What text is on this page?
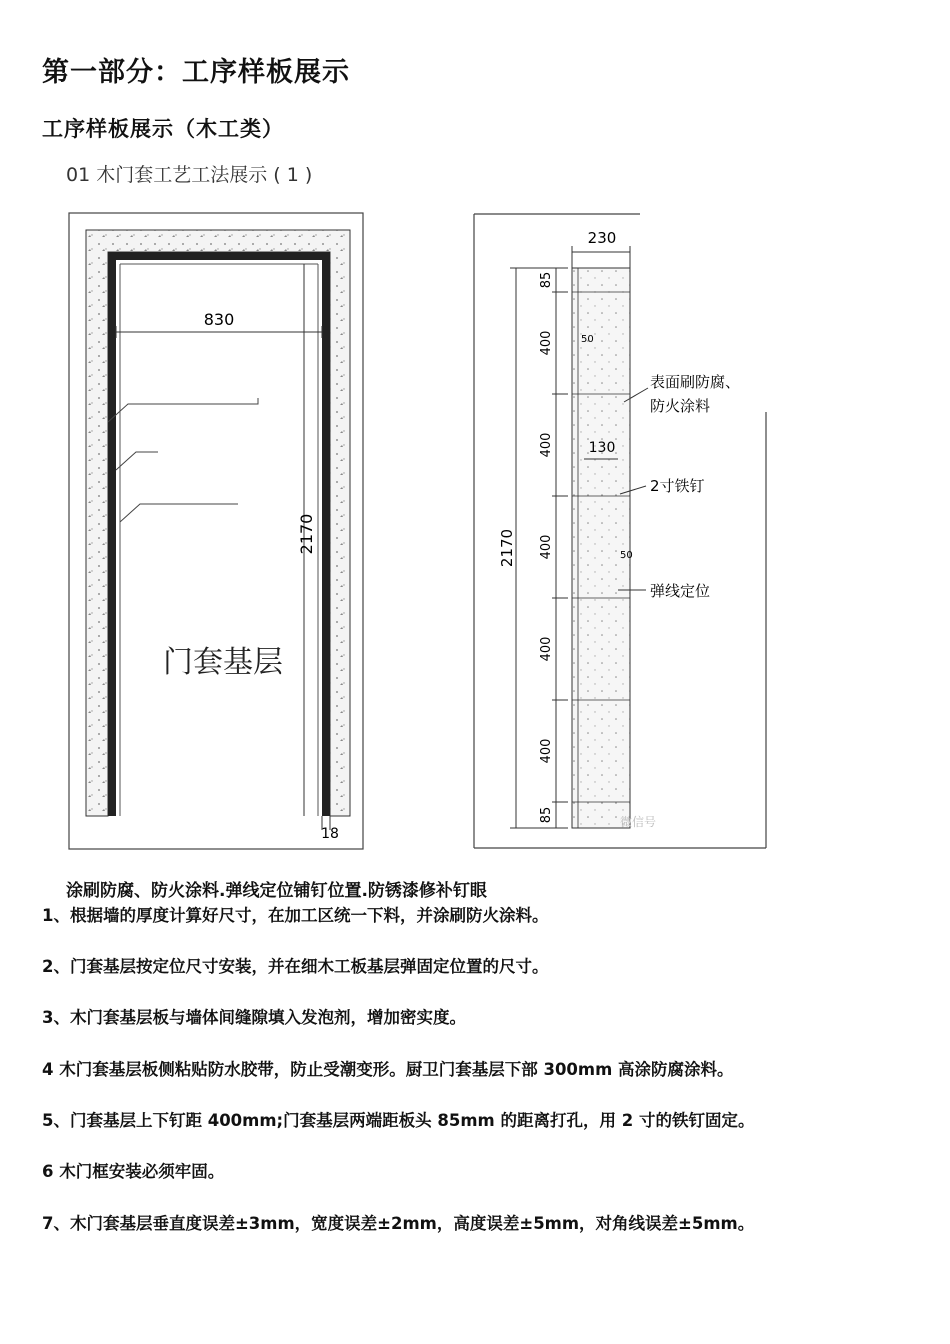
第一部分：工序样板展示
工序样板展示（木工类）
01 木门套工艺工法展示 ( 1 )
830
2170
18
门套基层
230
2170
85
400
400
400
400
400
85
50
130
50
表面刷防腐、
防火涂料
2寸铁钉
弹线定位
微信号
涂刷防腐、防火涂料.弹线定位铺钉位置.防锈漆修补钉眼
1、根据墙的厚度计算好尺寸，在加工区统一下料，并涂刷防火涂料。
2、门套基层按定位尺寸安装，并在细木工板基层弹固定位置的尺寸。
3、木门套基层板与墙体间缝隙填入发泡剂，增加密实度。
4 木门套基层板侧粘贴防水胶带，防止受潮变形。厨卫门套基层下部 300mm 高涂防腐涂料。
5、门套基层上下钉距 400mm;门套基层两端距板头 85mm 的距离打孔，用 2 寸的铁钉固定。
6 木门框安装必须牢固。
7、木门套基层垂直度误差±3mm，宽度误差±2mm，高度误差±5mm，对角线误差±5mm。
